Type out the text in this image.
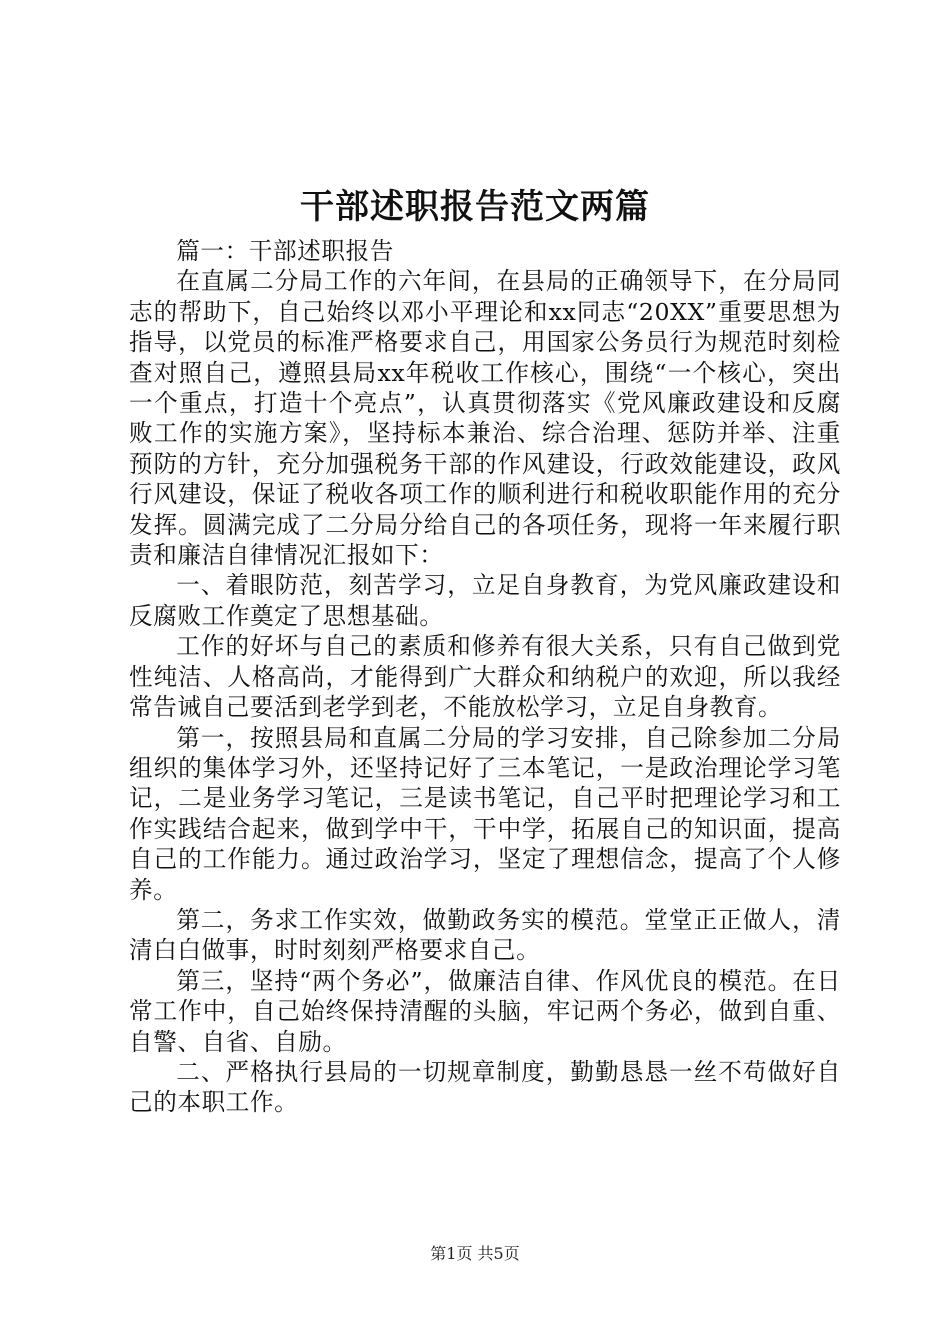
干部述职报告范文两篇

篇一：干部述职报告

在直属二分局工作的六年间，在县局的正确领导下，在分局同志的帮助下，自己始终以邓小平理论和xx同志“20XX”重要思想为指导，以党员的标准严格要求自己，用国家公务员行为规范时刻检查对照自己，遵照县局xx年税收工作核心，围绕“一个核心，突出一个重点，打造十个亮点”，认真贯彻落实《党风廉政建设和反腐败工作的实施方案》，坚持标本兼治、综合治理、惩防并举、注重预防的方针，充分加强税务干部的作风建设，行政效能建设，政风行风建设，保证了税收各项工作的顺利进行和税收职能作用的充分发挥。圆满完成了二分局分给自己的各项任务，现将一年来履行职责和廉洁自律情况汇报如下：

一、着眼防范，刻苦学习，立足自身教育，为党风廉政建设和反腐败工作奠定了思想基础。

工作的好坏与自己的素质和修养有很大关系，只有自己做到党性纯洁、人格高尚，才能得到广大群众和纳税户的欢迎，所以我经常告诫自己要活到老学到老，不能放松学习，立足自身教育。

第一，按照县局和直属二分局的学习安排，自己除参加二分局组织的集体学习外，还坚持记好了三本笔记，一是政治理论学习笔记，二是业务学习笔记，三是读书笔记，自己平时把理论学习和工作实践结合起来，做到学中干，干中学，拓展自己的知识面，提高自己的工作能力。通过政治学习，坚定了理想信念，提高了个人修养。

第二，务求工作实效，做勤政务实的模范。堂堂正正做人，清清白白做事，时时刻刻严格要求自己。

第三，坚持“两个务必”，做廉洁自律、作风优良的模范。在日常工作中，自己始终保持清醒的头脑，牢记两个务必，做到自重、自警、自省、自励。

二、严格执行县局的一切规章制度，勤勤恳恳一丝不苟做好自己的本职工作。

第1页 共5页
